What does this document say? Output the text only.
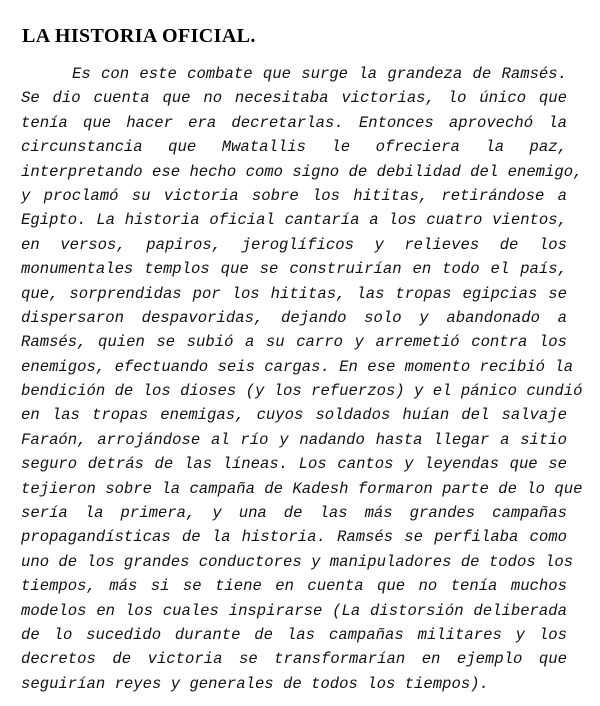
LA HISTORIA OFICIAL.
Es con este combate que surge la grandeza de Ramsés.
Se dio cuenta que no necesitaba victorias, lo único que
tenía que hacer era decretarlas. Entonces aprovechó la
circunstancia que Mwatallis le ofreciera la paz,
interpretando ese hecho como signo de debilidad del enemigo,
y proclamó su victoria sobre los hititas, retirándose a
Egipto. La historia oficial cantaría a los cuatro vientos,
en versos, papiros, jeroglíficos y relieves de los
monumentales templos que se construirían en todo el país,
que, sorprendidas por los hititas, las tropas egipcias se
dispersaron despavoridas, dejando solo y abandonado a
Ramsés, quien se subió a su carro y arremetió contra los
enemigos, efectuando seis cargas. En ese momento recibió la
bendición de los dioses (y los refuerzos) y el pánico cundió
en las tropas enemigas, cuyos soldados huían del salvaje
Faraón, arrojándose al río y nadando hasta llegar a sitio
seguro detrás de las líneas. Los cantos y leyendas que se
tejieron sobre la campaña de Kadesh formaron parte de lo que
sería la primera, y una de las más grandes campañas
propagandísticas de la historia. Ramsés se perfilaba como
uno de los grandes conductores y manipuladores de todos los
tiempos, más si se tiene en cuenta que no tenía muchos
modelos en los cuales inspirarse (La distorsión deliberada
de lo sucedido durante de las campañas militares y los
decretos de victoria se transformarían en ejemplo que
seguirían reyes y generales de todos los tiempos).
